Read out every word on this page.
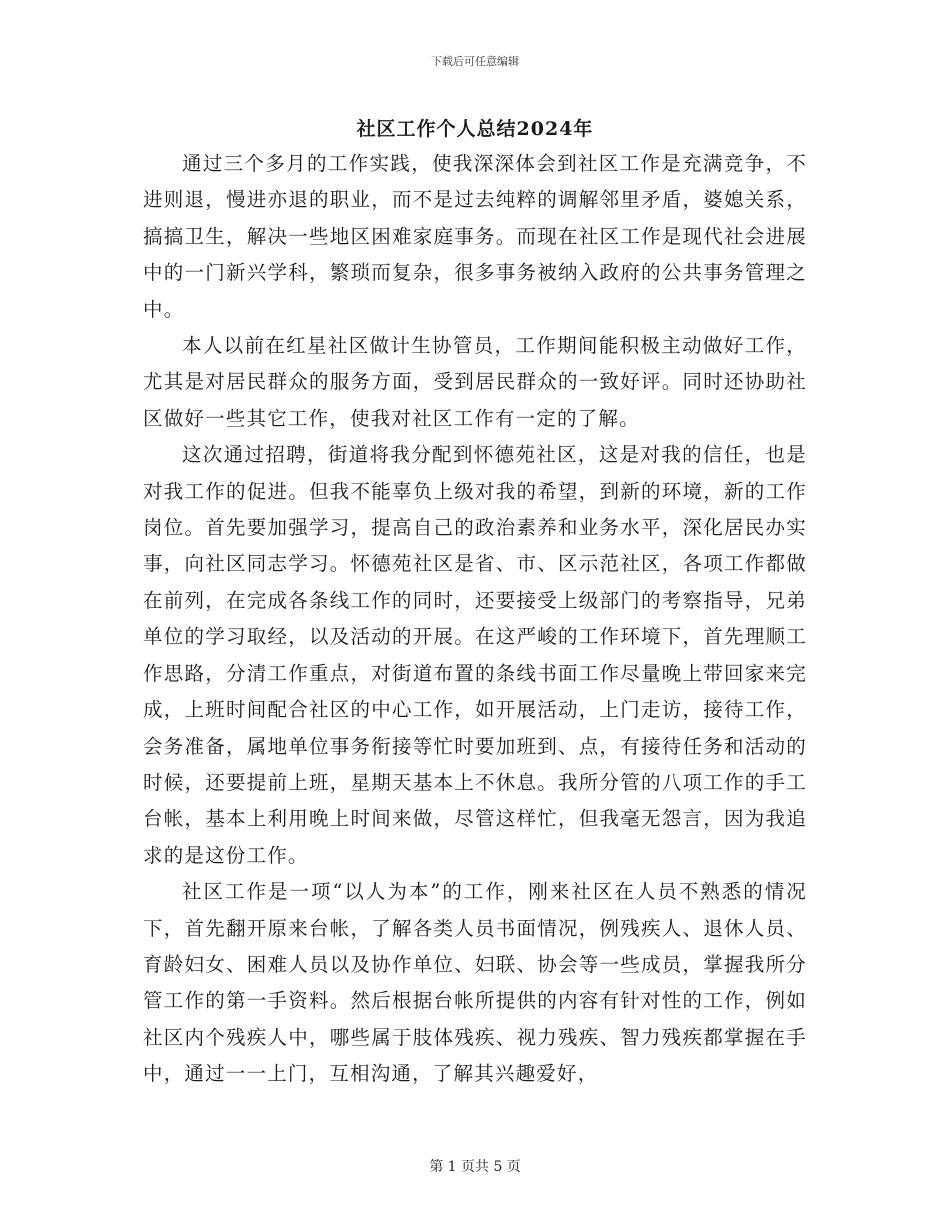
下载后可任意编辑
社区工作个人总结2024年

通过三个多月的工作实践，使我深深体会到社区工作是充满竞争，不进则退，慢进亦退的职业，而不是过去纯粹的调解邻里矛盾，婆媳关系，搞搞卫生，解决一些地区困难家庭事务。而现在社区工作是现代社会进展中的一门新兴学科，繁琐而复杂，很多事务被纳入政府的公共事务管理之中。

本人以前在红星社区做计生协管员，工作期间能积极主动做好工作，尤其是对居民群众的服务方面，受到居民群众的一致好评。同时还协助社区做好一些其它工作，使我对社区工作有一定的了解。

这次通过招聘，街道将我分配到怀德苑社区，这是对我的信任，也是对我工作的促进。但我不能辜负上级对我的希望，到新的环境，新的工作岗位。首先要加强学习，提高自己的政治素养和业务水平，深化居民办实事，向社区同志学习。怀德苑社区是省、市、区示范社区，各项工作都做在前列，在完成各条线工作的同时，还要接受上级部门的考察指导，兄弟单位的学习取经，以及活动的开展。在这严峻的工作环境下，首先理顺工作思路，分清工作重点，对街道布置的条线书面工作尽量晚上带回家来完成，上班时间配合社区的中心工作，如开展活动，上门走访，接待工作，会务准备，属地单位事务衔接等忙时要加班到、点，有接待任务和活动的时候，还要提前上班，星期天基本上不休息。我所分管的八项工作的手工台帐，基本上利用晚上时间来做，尽管这样忙，但我毫无怨言，因为我追求的是这份工作。

社区工作是一项“以人为本”的工作，刚来社区在人员不熟悉的情况下，首先翻开原来台帐，了解各类人员书面情况，例残疾人、退休人员、育龄妇女、困难人员以及协作单位、妇联、协会等一些成员，掌握我所分管工作的第一手资料。然后根据台帐所提供的内容有针对性的工作，例如社区内个残疾人中，哪些属于肢体残疾、视力残疾、智力残疾都掌握在手中，通过一一上门，互相沟通，了解其兴趣爱好，

第 1 页共 5 页
